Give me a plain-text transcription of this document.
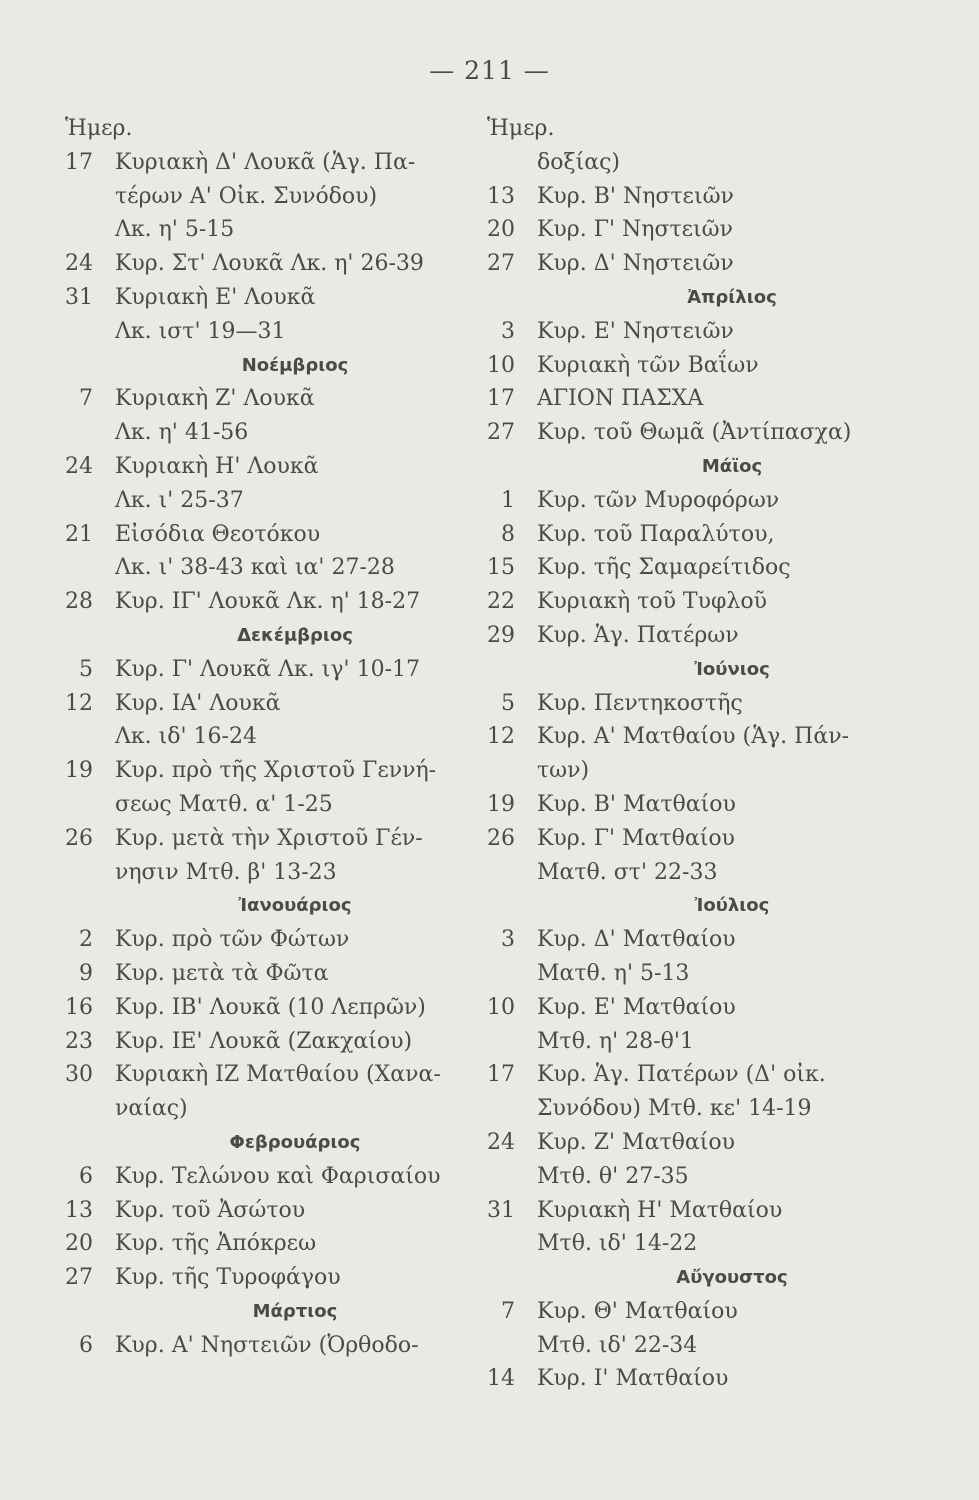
— 211 —
Ἡμερ.
17 Κυριακὴ Δ' Λουκᾶ (Ἁγ. Πα-
τέρων Α' Οἰκ. Συνόδου)
Λκ. η' 5-15
24 Κυρ. Στ' Λουκᾶ Λκ. η' 26-39
31 Κυριακὴ Ε' Λουκᾶ
Λκ. ιστ' 19—31
Νοέμβριος
7 Κυριακὴ Ζ' Λουκᾶ
Λκ. η' 41-56
24 Κυριακὴ Η' Λουκᾶ
Λκ. ι' 25-37
21 Εἰσόδια Θεοτόκου
Λκ. ι' 38-43 καὶ ια' 27-28
28 Κυρ. ΙΓ' Λουκᾶ Λκ. η' 18-27
Δεκέμβριος
5 Κυρ. Γ' Λουκᾶ Λκ. ιγ' 10-17
12 Κυρ. ΙΑ' Λουκᾶ
Λκ. ιδ' 16-24
19 Κυρ. πρὸ τῆς Χριστοῦ Γεννή-
σεως Ματθ. α' 1-25
26 Κυρ. μετὰ τὴν Χριστοῦ Γέν-
νησιν Μτθ. β' 13-23
Ἰανουάριος
2 Κυρ. πρὸ τῶν Φώτων
9 Κυρ. μετὰ τὰ Φῶτα
16 Κυρ. ΙΒ' Λουκᾶ (10 Λεπρῶν)
23 Κυρ. ΙΕ' Λουκᾶ (Ζακχαίου)
30 Κυριακὴ ΙΖ Ματθαίου (Χανα-
ναίας)
Φεβρουάριος
6 Κυρ. Τελώνου καὶ Φαρισαίου
13 Κυρ. τοῦ Ἀσώτου
20 Κυρ. τῆς Ἀπόκρεω
27 Κυρ. τῆς Τυροφάγου
Μάρτιος
6 Κυρ. Α' Νηστειῶν (Ὀρθοδο-
Ἡμερ.
δοξίας)
13 Κυρ. Β' Νηστειῶν
20 Κυρ. Γ' Νηστειῶν
27 Κυρ. Δ' Νηστειῶν
Ἀπρίλιος
3 Κυρ. Ε' Νηστειῶν
10 Κυριακὴ τῶν Βαΐων
17 ΑΓΙΟΝ ΠΑΣΧΑ
27 Κυρ. τοῦ Θωμᾶ (Ἀντίπασχα)
Μάϊος
1 Κυρ. τῶν Μυροφόρων
8 Κυρ. τοῦ Παραλύτου,
15 Κυρ. τῆς Σαμαρείτιδος
22 Κυριακὴ τοῦ Τυφλοῦ
29 Κυρ. Ἁγ. Πατέρων
Ἰούνιος
5 Κυρ. Πεντηκοστῆς
12 Κυρ. Α' Ματθαίου (Ἁγ. Πάν-
των)
19 Κυρ. Β' Ματθαίου
26 Κυρ. Γ' Ματθαίου
Ματθ. στ' 22-33
Ἰούλιος
3 Κυρ. Δ' Ματθαίου
Ματθ. η' 5-13
10 Κυρ. Ε' Ματθαίου
Μτθ. η' 28-θ'1
17 Κυρ. Ἁγ. Πατέρων (Δ' οἰκ.
Συνόδου) Μτθ. κε' 14-19
24 Κυρ. Ζ' Ματθαίου
Μτθ. θ' 27-35
31 Κυριακὴ Η' Ματθαίου
Μτθ. ιδ' 14-22
Αὔγουστος
7 Κυρ. Θ' Ματθαίου
Μτθ. ιδ' 22-34
14 Κυρ. Ι' Ματθαίου
